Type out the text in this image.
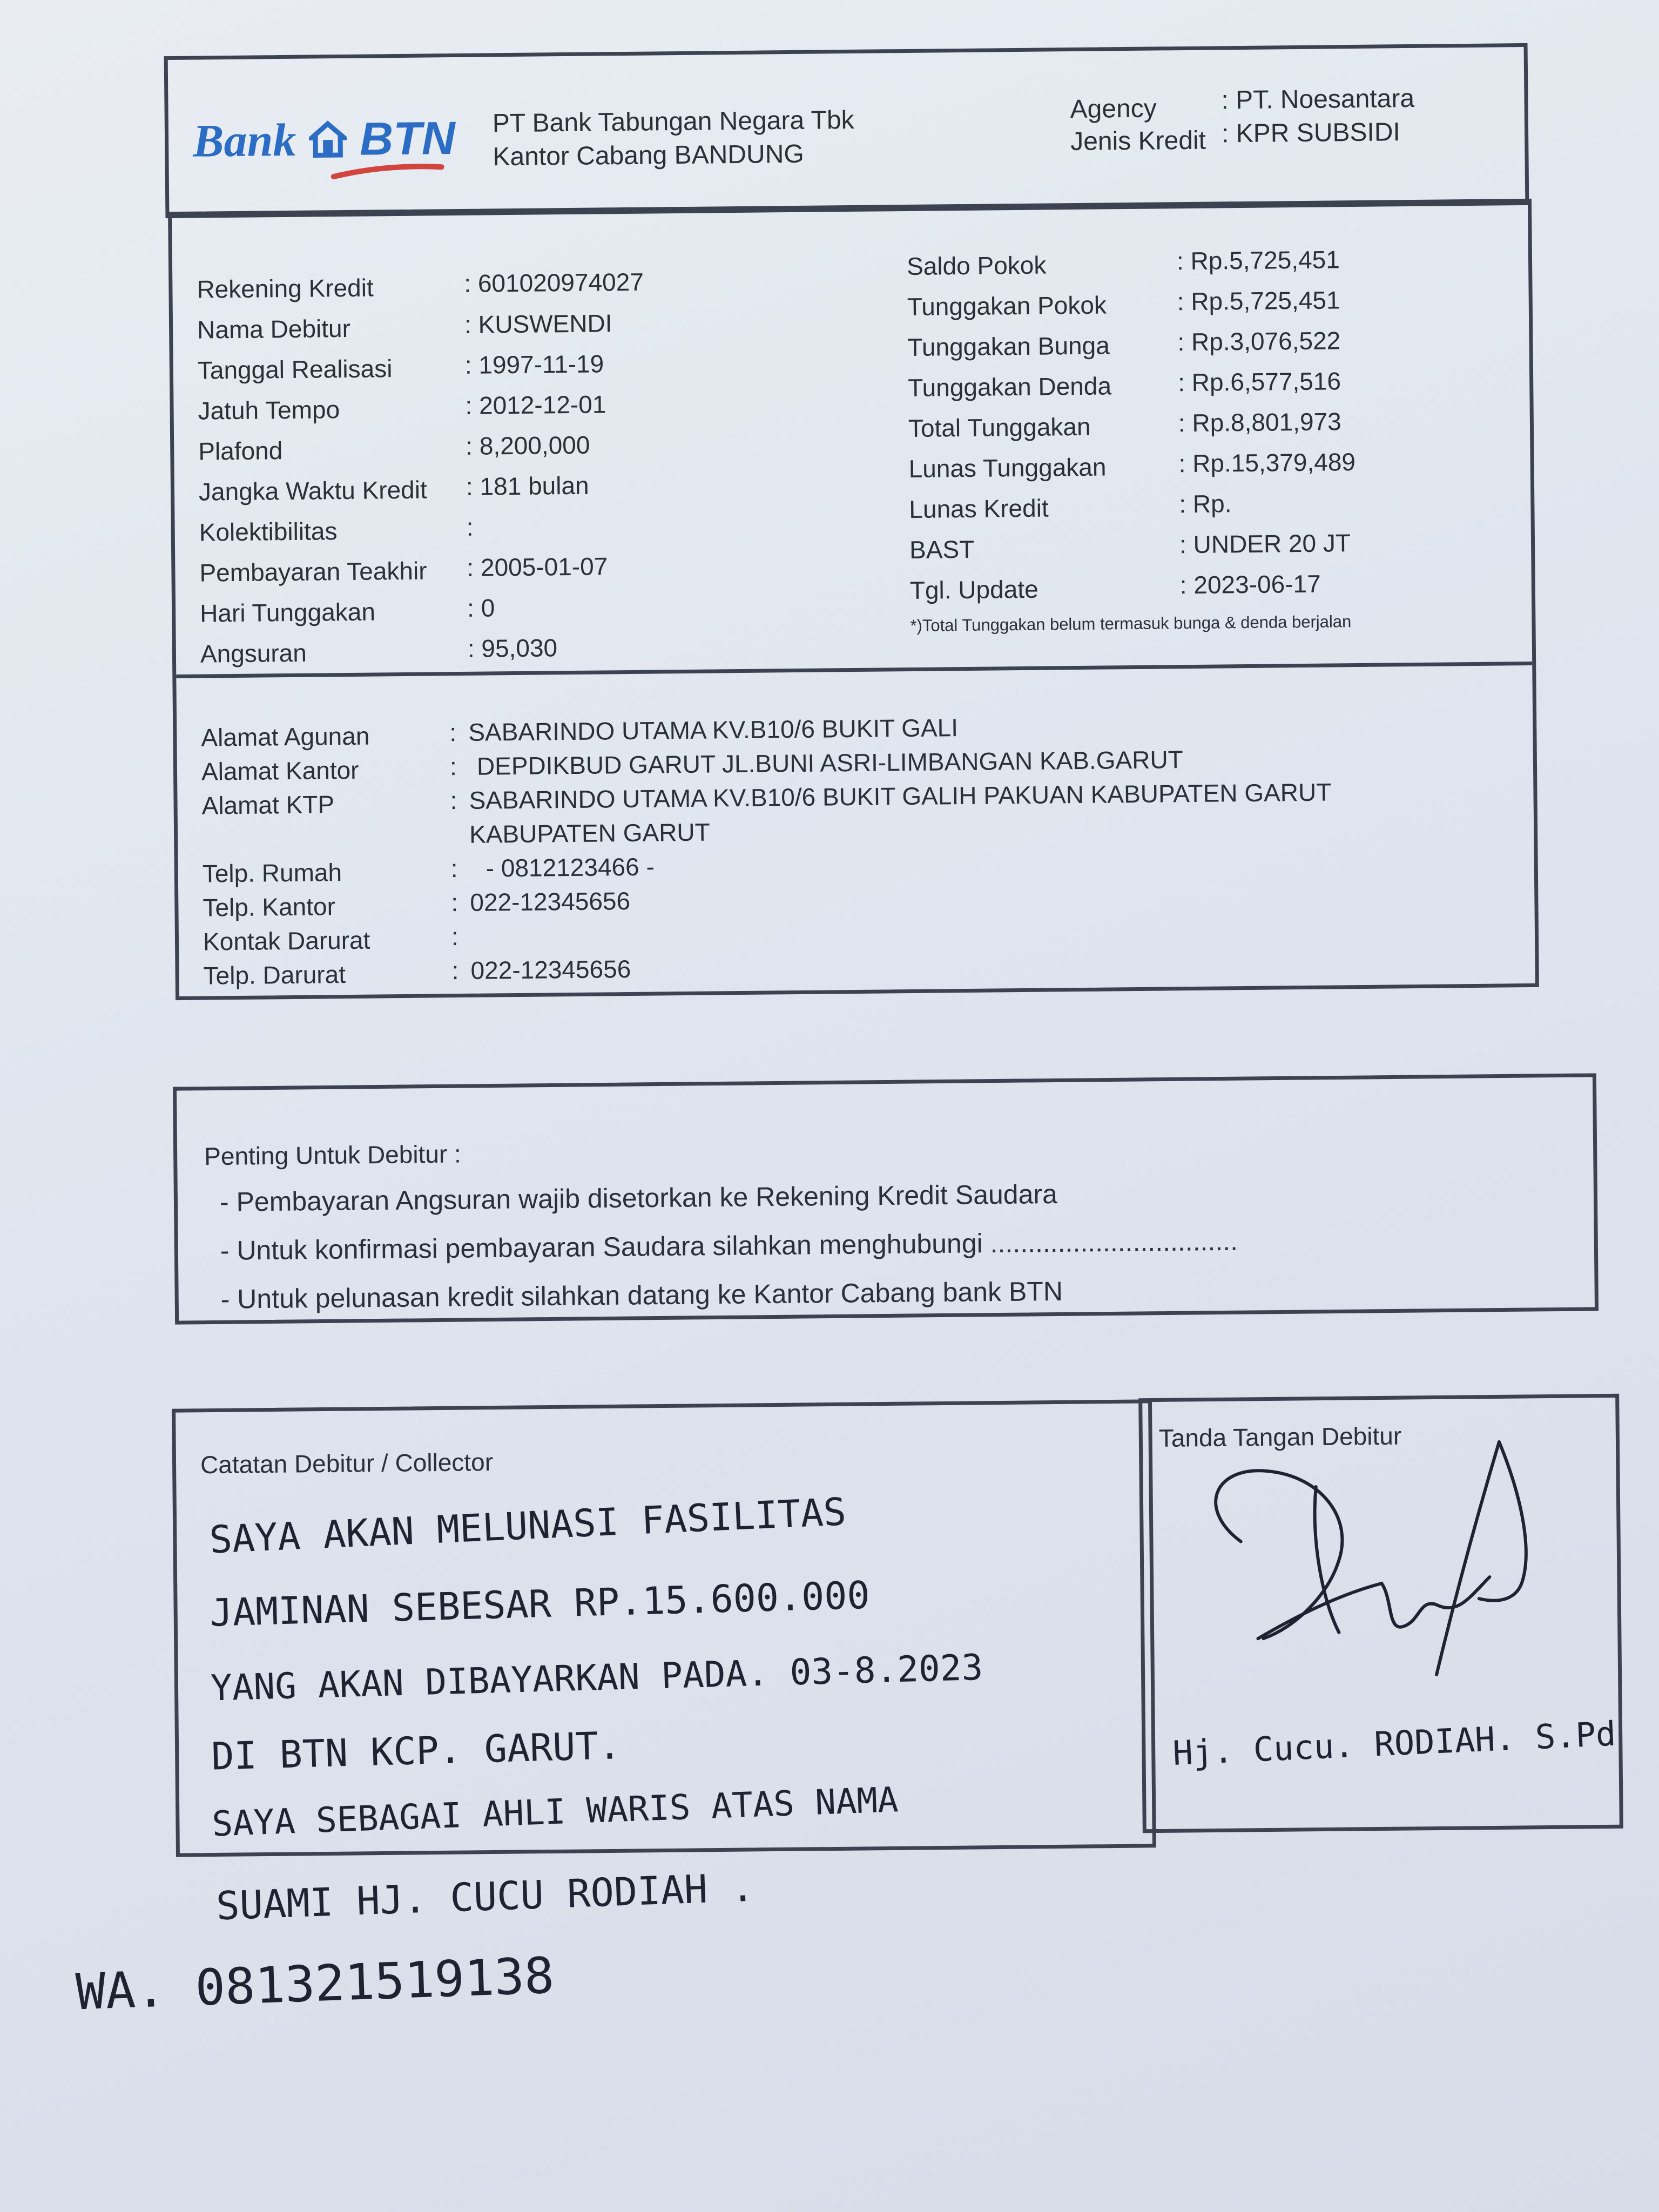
Bank BTN PT Bank Tabungan Negara Tbk
Kantor Cabang BANDUNG
Agency : PT. Noesantara
Jenis Kredit : KPR SUBSIDI
Rekening Kredit	: 601020974027
Nama Debitur	: KUSWENDI
Tanggal Realisasi	: 1997-11-19
Jatuh Tempo	: 2012-12-01
Plafond	: 8,200,000
Jangka Waktu Kredit : 181 bulan
Kolektibilitas	:
Pembayaran Teakhir : 2005-01-07
Hari Tunggakan	: 0
Angsuran	: 95,030
Saldo Pokok	: Rp.5,725,451
Tunggakan Pokok	: Rp.5,725,451
Tunggakan Bunga	: Rp.3,076,522
Tunggakan Denda	: Rp.6,577,516
Total Tunggakan	: Rp.8,801,973
Lunas Tunggakan	: Rp.15,379,489
Lunas Kredit	: Rp.
BAST	: UNDER 20 JT
Tgl. Update	: 2023-06-17
*)Total Tunggakan belum termasuk bunga & denda berjalan
Alamat Agunan	: SABARINDO UTAMA KV.B10/6 BUKIT GALI
Alamat Kantor	: DEPDIKBUD GARUT JL.BUNI ASRI-LIMBANGAN KAB.GARUT
Alamat KTP	: SABARINDO UTAMA KV.B10/6 BUKIT GALIH PAKUAN KABUPATEN GARUT
KABUPATEN GARUT
Telp. Rumah	: - 0812123466 -
Telp. Kantor	: 022-12345656
Kontak Darurat	:
Telp. Darurat	: 022-12345656
Penting Untuk Debitur :
- Pembayaran Angsuran wajib disetorkan ke Rekening Kredit Saudara
- Untuk konfirmasi pembayaran Saudara silahkan menghubungi .................................
- Untuk pelunasan kredit silahkan datang ke Kantor Cabang bank BTN
Catatan Debitur / Collector
SAYA AKAN MELUNASI FASILITAS
JAMINAN SEBESAR RP.15.600.000
YANG AKAN DIBAYARKAN PADA. 03-8.2023
DI BTN KCP. GARUT.
SAYA SEBAGAI AHLI WARIS ATAS NAMA
Tanda Tangan Debitur
Hj. Cucu. RODIAH. S.Pd
SUAMI HJ. CUCU RODIAH .
WA. 081321519138
